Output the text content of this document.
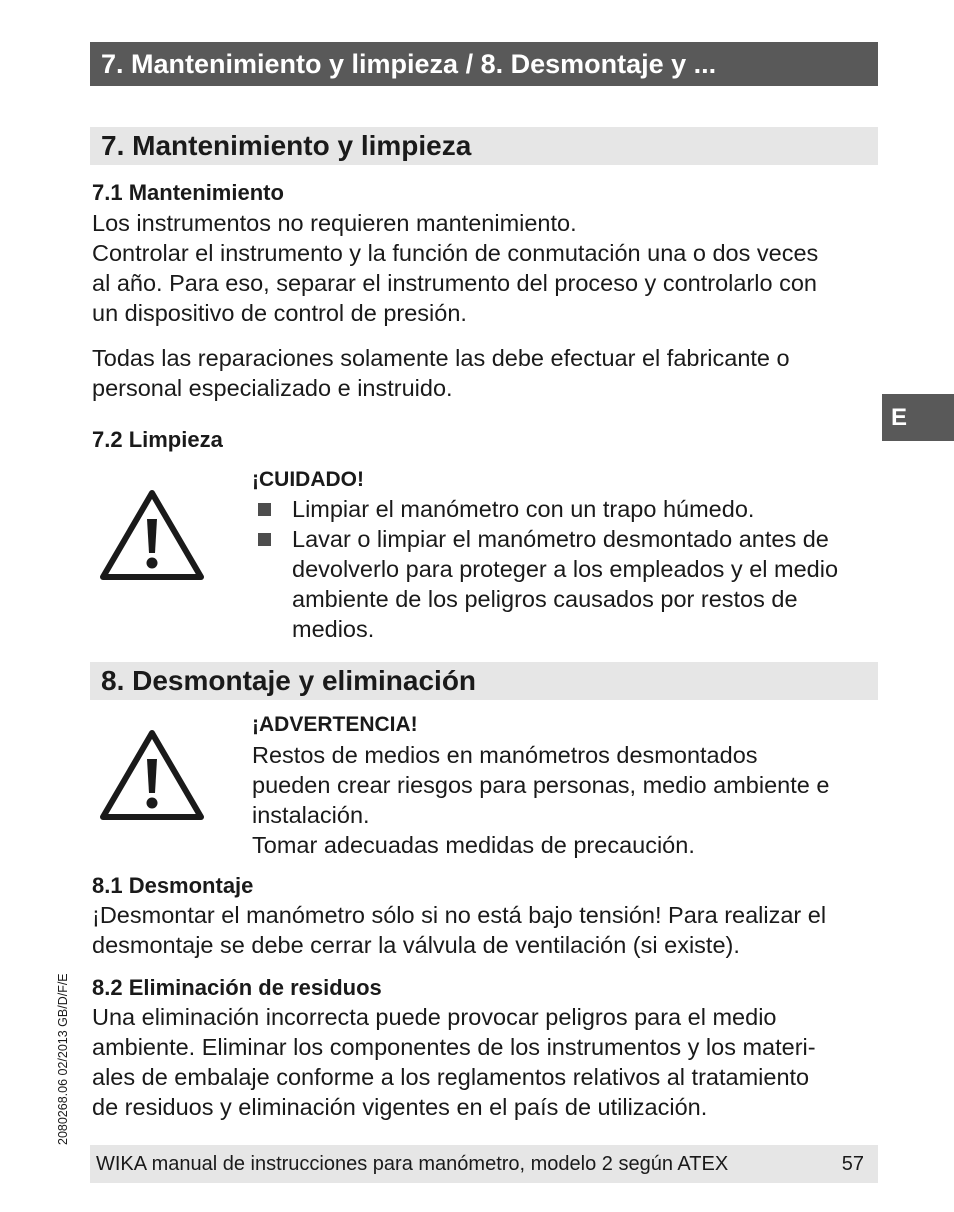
7. Mantenimiento y limpieza / 8. Desmontaje y ...
E
7. Mantenimiento y limpieza
7.1 Mantenimiento

Los instrumentos no requieren mantenimiento.
Controlar el instrumento y la función de conmutación una o dos veces
al año. Para eso, separar el instrumento del proceso y controlarlo con
un dispositivo de control de presión.

Todas las reparaciones solamente las debe efectuar el fabricante o
personal especializado e instruido.

7.2 Limpieza
¡CUIDADO!
Limpiar el manómetro con un trapo húmedo.
Lavar o limpiar el manómetro desmontado antes de
devolverlo para proteger a los empleados y el medio
ambiente de los peligros causados por restos de
medios.
8. Desmontaje y eliminación
¡ADVERTENCIA!

Restos de medios en manómetros desmontados
pueden crear riesgos para personas, medio ambiente e
instalación.
Tomar adecuadas medidas de precaución.

8.1 Desmontaje

¡Desmontar el manómetro sólo si no está bajo tensión! Para realizar el
desmontaje se debe cerrar la válvula de ventilación (si existe).

8.2 Eliminación de residuos

Una eliminación incorrecta puede provocar peligros para el medio
ambiente. Eliminar los componentes de los instrumentos y los materi-
ales de embalaje conforme a los reglamentos relativos al tratamiento
de residuos y eliminación vigentes en el país de utilización.

2080268.06 02/2013 GB/D/F/E
WIKA manual de instrucciones para manómetro, modelo 2 según ATEX	57
